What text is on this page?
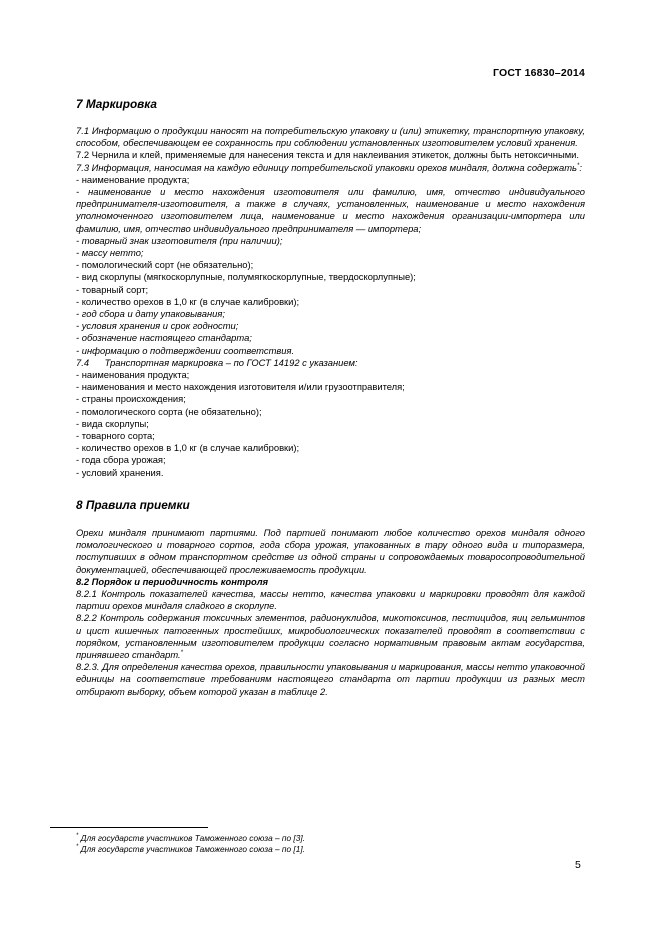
ГОСТ 16830–2014
7 Маркировка

7.1 Информацию о продукции наносят на потребительскую упаковку и (или) этикетку, транспортную упаковку, способом, обеспечивающем ее сохранность при соблюдении установленных изготовителем условий хранения.

7.2 Чернила и клей, применяемые для нанесения текста и для наклеивания этикеток, должны быть нетоксичными.

7.3 Информация, наносимая на каждую единицу потребительской упаковки орехов миндаля, должна содержать*:

- наименование продукта;

- наименование и место нахождения изготовителя или фамилию, имя, отчество индивидуального предпринимателя-изготовителя, а также в случаях, установленных, наименование и место нахождения уполномоченного изготовителем лица, наименование и место нахождения организации-импортера или фамилию, имя, отчество индивидуального предпринимателя — импортера;

- товарный знак изготовителя (при наличии);

- массу нетто;

- помологический сорт (не обязательно);

- вид скорлупы (мягкоскорлупные, полумягкоскорлупные, твердоскорлупные);

- товарный сорт;

- количество орехов в 1,0 кг (в случае калибровки);

- год сбора и дату упаковывания;

- условия хранения и срок годности;

- обозначение настоящего стандарта;

- информацию о подтверждении соответствия.

7.4      Транспортная маркировка – по ГОСТ 14192 с указанием:

- наименования продукта;

- наименования и место нахождения изготовителя и/или грузоотправителя;

- страны происхождения;

- помологического сорта (не обязательно);

- вида скорлупы;

- товарного сорта;

- количество орехов в 1,0 кг (в случае калибровки);

- года сбора урожая;

- условий хранения.

8 Правила приемки

Орехи миндаля принимают партиями. Под партией понимают любое количество орехов миндаля одного помологического и товарного сортов, года сбора урожая, упакованных в тару одного вида и типоразмера, поступивших в одном транспортном средстве из одной страны и сопровождаемых товаросопроводительной документацией, обеспечивающей прослеживаемость продукции.

8.2 Порядок и периодичность контроля

8.2.1 Контроль показателей качества, массы нетто, качества упаковки и маркировки проводят для каждой партии орехов миндаля сладкого в скорлупе.

8.2.2 Контроль содержания токсичных элементов, радионуклидов, микотоксинов, пестицидов, яиц гельминтов и цист кишечных патогенных простейших, микробиологических показателей проводят в соответствии с порядком, установленным изготовителем продукции согласно нормативным правовым актам государства, принявшего стандарт.*

8.2.3. Для определения качества орехов, правильности упаковывания и маркирования, массы нетто упаковочной единицы на соответствие требованиям настоящего стандарта от партии продукции из разных мест отбирают выборку, объем которой указан в таблице 2.

* Для государств участников Таможенного союза – по [3].
* Для государств участников Таможенного союза – по [1].
5
